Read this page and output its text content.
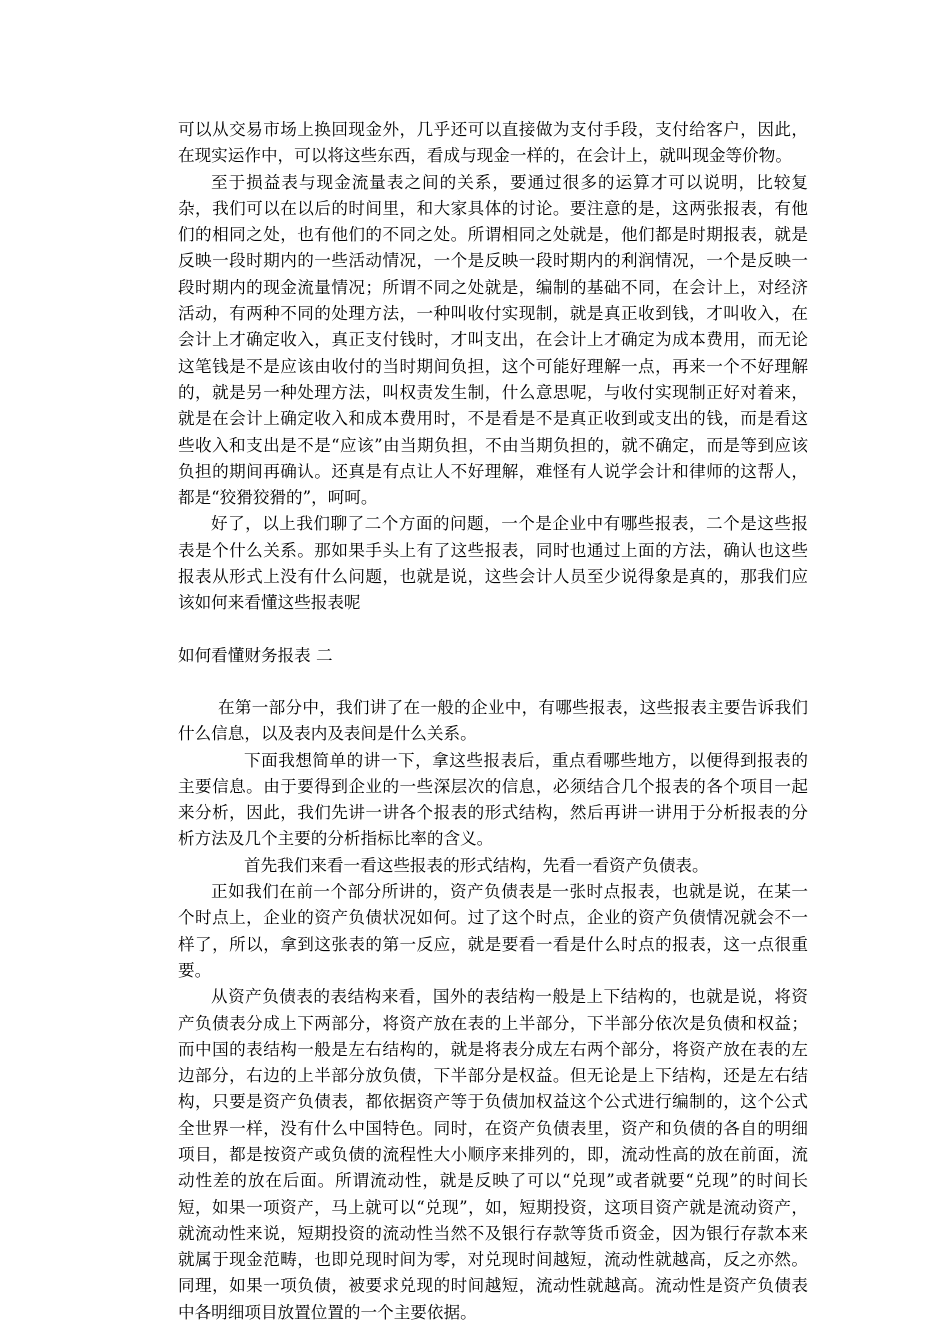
可以从交易市场上换回现金外，几乎还可以直接做为支付手段，支付给客户，因此，在现实运作中，可以将这些东西，看成与现金一样的，在会计上，就叫现金等价物。

至于损益表与现金流量表之间的关系，要通过很多的运算才可以说明，比较复杂，我们可以在以后的时间里，和大家具体的讨论。要注意的是，这两张报表，有他们的相同之处，也有他们的不同之处。所谓相同之处就是，他们都是时期报表，就是反映一段时期内的一些活动情况，一个是反映一段时期内的利润情况，一个是反映一段时期内的现金流量情况；所谓不同之处就是，编制的基础不同，在会计上，对经济活动，有两种不同的处理方法，一种叫收付实现制，就是真正收到钱，才叫收入，在会计上才确定收入，真正支付钱时，才叫支出，在会计上才确定为成本费用，而无论这笔钱是不是应该由收付的当时期间负担，这个可能好理解一点，再来一个不好理解的，就是另一种处理方法，叫权责发生制，什么意思呢，与收付实现制正好对着来，就是在会计上确定收入和成本费用时，不是看是不是真正收到或支出的钱，而是看这些收入和支出是不是“应该”由当期负担，不由当期负担的，就不确定，而是等到应该负担的期间再确认。还真是有点让人不好理解，难怪有人说学会计和律师的这帮人，都是“狡猾狡猾的”，呵呵。

好了，以上我们聊了二个方面的问题，一个是企业中有哪些报表，二个是这些报表是个什么关系。那如果手头上有了这些报表，同时也通过上面的方法，确认也这些报表从形式上没有什么问题，也就是说，这些会计人员至少说得象是真的，那我们应该如何来看懂这些报表呢

如何看懂财务报表 二

在第一部分中，我们讲了在一般的企业中，有哪些报表，这些报表主要告诉我们什么信息，以及表内及表间是什么关系。

下面我想简单的讲一下，拿这些报表后，重点看哪些地方，以便得到报表的主要信息。由于要得到企业的一些深层次的信息，必须结合几个报表的各个项目一起来分析，因此，我们先讲一讲各个报表的形式结构，然后再讲一讲用于分析报表的分析方法及几个主要的分析指标比率的含义。

首先我们来看一看这些报表的形式结构，先看一看资产负债表。

正如我们在前一个部分所讲的，资产负债表是一张时点报表，也就是说，在某一个时点上，企业的资产负债状况如何。过了这个时点，企业的资产负债情况就会不一样了，所以，拿到这张表的第一反应，就是要看一看是什么时点的报表，这一点很重要。

从资产负债表的表结构来看，国外的表结构一般是上下结构的，也就是说，将资产负债表分成上下两部分，将资产放在表的上半部分，下半部分依次是负债和权益；而中国的表结构一般是左右结构的，就是将表分成左右两个部分，将资产放在表的左边部分，右边的上半部分放负债，下半部分是权益。但无论是上下结构，还是左右结构，只要是资产负债表，都依据资产等于负债加权益这个公式进行编制的，这个公式全世界一样，没有什么中国特色。同时，在资产负债表里，资产和负债的各自的明细项目，都是按资产或负债的流程性大小顺序来排列的，即，流动性高的放在前面，流动性差的放在后面。所谓流动性，就是反映了可以“兑现”或者就要“兑现”的时间长短，如果一项资产，马上就可以“兑现”，如，短期投资，这项目资产就是流动资产，就流动性来说，短期投资的流动性当然不及银行存款等货币资金，因为银行存款本来就属于现金范畴，也即兑现时间为零，对兑现时间越短，流动性就越高，反之亦然。同理，如果一项负债，被要求兑现的时间越短，流动性就越高。流动性是资产负债表中各明细项目放置位置的一个主要依据。
